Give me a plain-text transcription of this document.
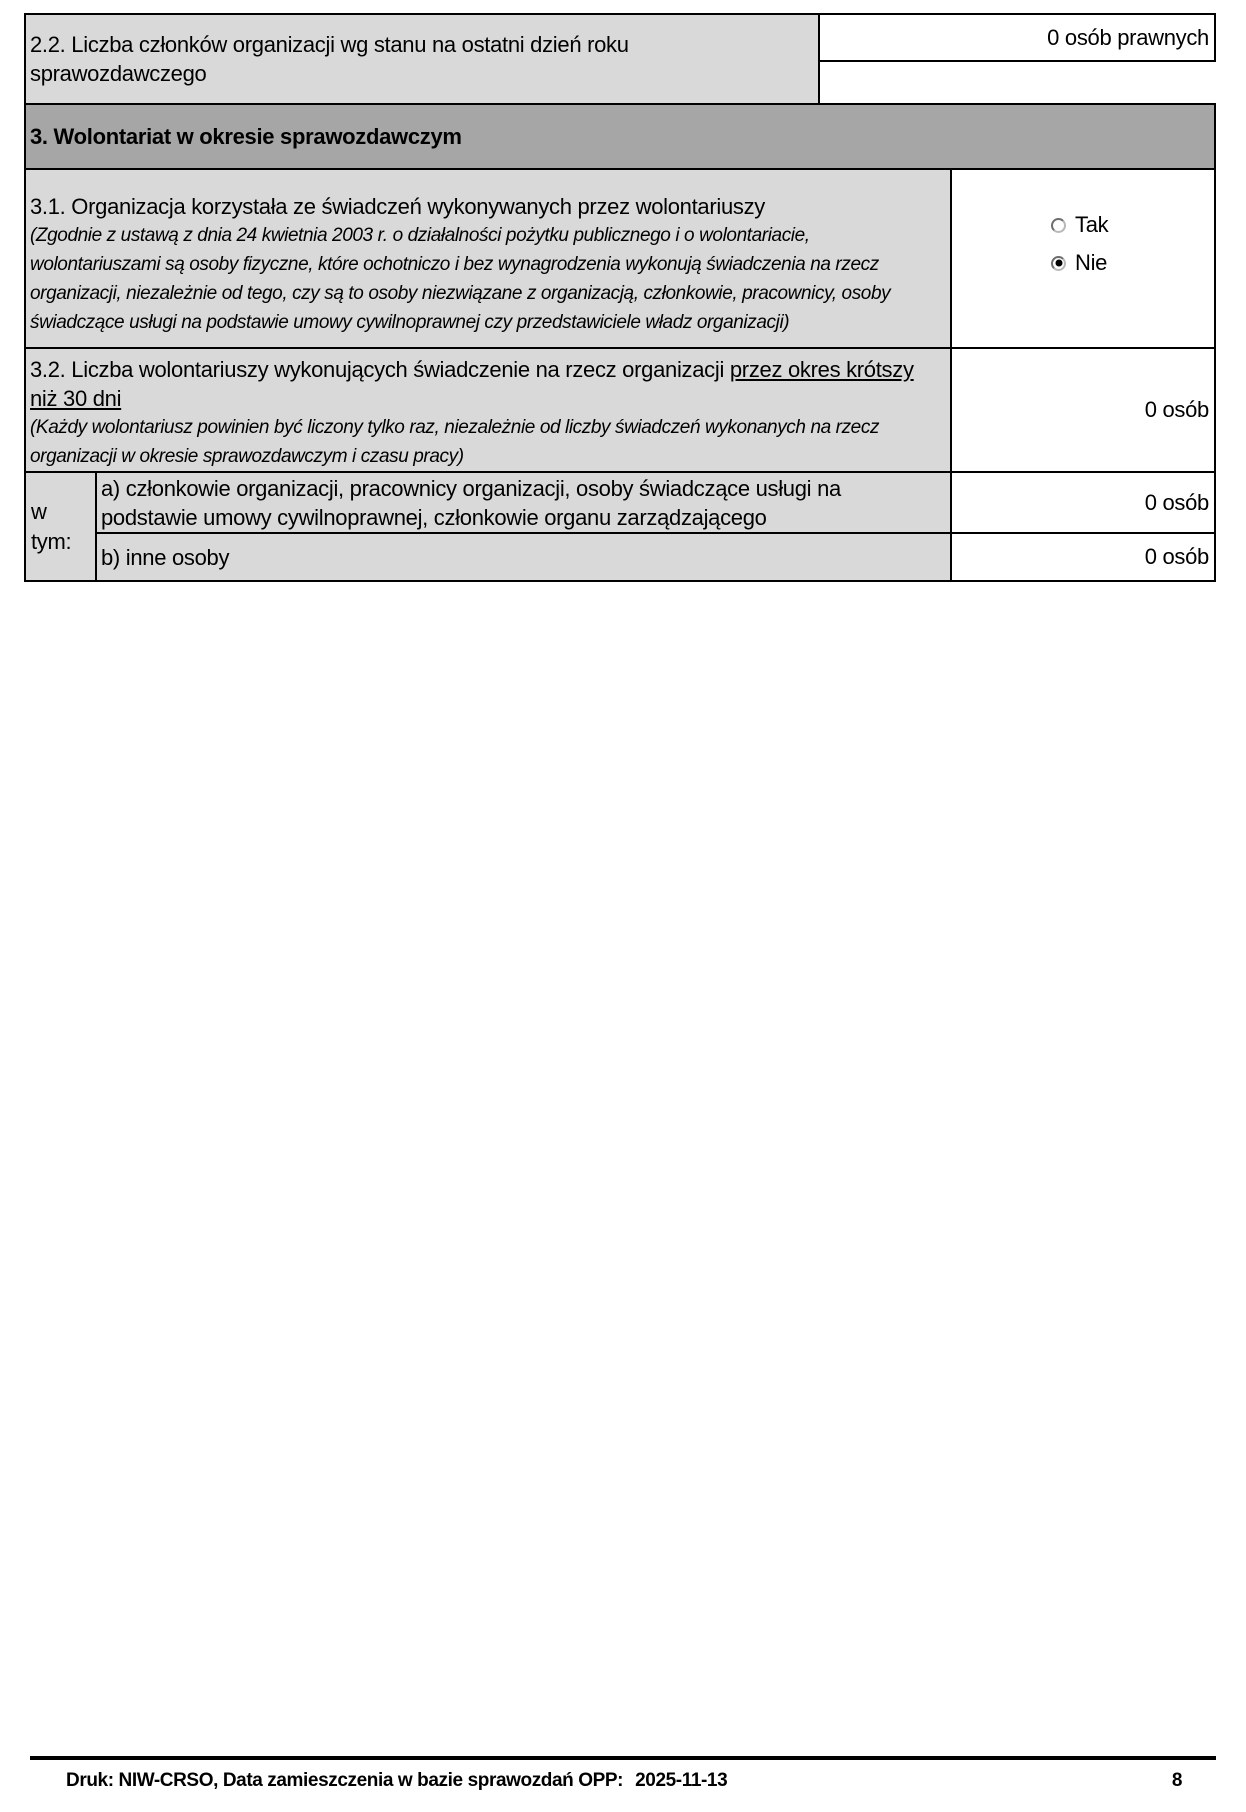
2.2. Liczba członków organizacji wg stanu na ostatni dzień roku sprawozdawczego
0 osób prawnych
3. Wolontariat w okresie sprawozdawczym
3.1. Organizacja korzystała ze świadczeń wykonywanych przez wolontariuszy
(Zgodnie z ustawą z dnia 24 kwietnia 2003 r. o działalności pożytku publicznego i o wolontariacie, wolontariuszami są osoby fizyczne, które ochotniczo i bez wynagrodzenia wykonują świadczenia na rzecz organizacji, niezależnie od tego, czy są to osoby niezwiązane z organizacją, członkowie, pracownicy, osoby świadczące usługi na podstawie umowy cywilnoprawnej czy przedstawiciele władz organizacji)
Tak
Nie
3.2. Liczba wolontariuszy wykonujących świadczenie na rzecz organizacji przez okres krótszy niż 30 dni
(Każdy wolontariusz powinien być liczony tylko raz, niezależnie od liczby świadczeń wykonanych na rzecz organizacji w okresie sprawozdawczym i czasu pracy)
0 osób
w tym:
a) członkowie organizacji, pracownicy organizacji, osoby świadczące usługi na podstawie umowy cywilnoprawnej, członkowie organu zarządzającego
0 osób
b) inne osoby	0 osób
Druk: NIW-CRSO, Data zamieszczenia w bazie sprawozdań OPP: 2025-11-13	8
